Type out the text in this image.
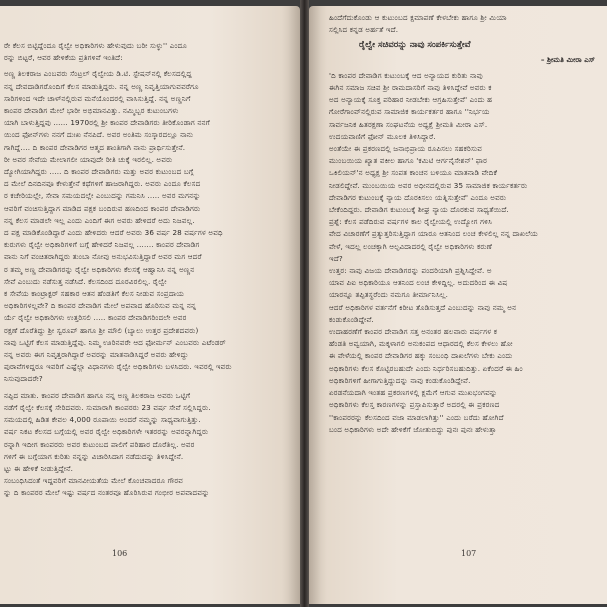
ರೇ ಕೆಲಸ ಬಿಟ್ಟಿದ್ದೆಂದೂ ರೈಲ್ವೇ ಅಧಿಕಾರಿಗಳು ಹೇಳುವುದು ಬರೀ ಸುಳ್ಳು'' ಎಂದೂ
ರನ್ನು ಬಿಟ್ಟರೆ, ಆವರ ಹೇಳಿಕೆಯ ಪ್ರತಿಗಳಿವೆ ಇಂತಿದೆ:
ಅಣ್ಣ ತಿಲಕರಾಜ ಎಂಬವರು ಸೆಂಟ್ರಲ್ ರೈಲ್ವೇಯ ಡಿ.ಟಿ. ಸ್ಟೇಷನ್‌ನಲ್ಲಿ ಕೆಲಸದಲ್ಲಿದ್ದ
ನನ್ನ ದೇವದಾಡಿಗರೊಂದಿಗೆ ಕೆಲಸ ಮಾಡುತ್ತಿದ್ದರು. ನನ್ನ ಅಣ್ಣ ನಿವೃತ್ತಿಯಾಗುವವರೆಗೂ
ಸಾರಿಗಳಿಂದ ಇದೇ ಚಾಳ್‌ನಲ್ಲಿರುವ ಮನೆಯೊಂದರಲ್ಲಿ ವಾಸಿಸುತ್ತಿದ್ದೆ. ನನ್ನ ಅಣ್ಣನಿಗೆ
ಕಾಂಪರ ದೇವಾಡಿಗ ಮೇಲೆ ಭಾರೀ ಅಭಿಮಾನವಿತ್ತು. ನಮ್ಮಿಬ್ಬರ ಕುಟುಂಬಗಳು
ಯಾಗಿ ಬಾಳುತ್ತಿದ್ದವು ...... 1970ರಲ್ಲಿ ಶ್ರೀ ಕಾಂಪರ ದೇವಾಡಿಗರು ತೀರಿಕೊಂಡಾಗ ನನಗೆ
ಯಿಂದ ಫೋನ್‌ಗಳು ನನಗೆ ದುಃಖ ನೆನಪಿದೆ. ಅವರ ಅಂತಿಮ ಸಂಸ್ಕಾರದಲ್ಲೂ ನಾನು
ಗಾಗಿದ್ದೆ.... ದಿ ಕಾಂಪರ ದೇವಾಡಿಗರ ಆತ್ಮದ ಶಾಂತಿಗಾಗಿ ನಾನು ಪ್ರಾರ್ಥಿಸುತ್ತೇನೆ.
ರೀ ಅವರ ಸೇವೆಯ ಮೇಲಾಗಲೀ ಯಾವುದೇ ರೀತಿ ಚುಕ್ಕೆ ಇರಲಿಲ್ಲ. ಅವರು
ದ್ಯೋಗಿಯಾಗಿದ್ದರು ..... ದಿ ಕಾಂಪರ ದೇವಾಡಿಗರು ಮತ್ತು ಅವರ ಕುಟುಂಬದ ಬಗ್ಗೆ
ದ ಮೇಲೆ ದಿನದಿನವೂ ಕೇಳುತ್ತೇನೆ ಕಥೆಗಳಿಗೆ ಹಾಜರಾಗಿದ್ದರು. ಅವರು ಎಂದೂ ಕೆಲಸದ
ರ ಕಚೇರಿಯಲ್ಲೇ, ಸೇವಾ ಸಮಯದಲ್ಲೇ ಎಂಬುದನ್ನು ಗಮನಿಸಿ ..... ಅವರ ಮಗನನ್ನು
ಆವರಿಗೆ ವಂಚಿಸುತ್ತಿದ್ದಾಗ ಮಾಡಿದ ಪಕ್ಷಕ ಬಂದಿರುವ ಹಣದಿಂದ ಕಾಂಪರ ದೇವಾಡಿಗರು
ನನ್ನ ಕೆಲಸ ಮಾಡಲೇ ಇಲ್ಲ ಎಂದು ಎಂದಿಗೆ ಈಗ ಅವರು ಹೇಳಿದರೆ ಅದು ನಿಜವಲ್ಲ.
ದ ಪಕ್ಷ ಮಾಡಿಕೊಂಡಿದ್ದಾರೆ ಎಂದು ಹೇಳಿದರು ಆದರೆ ಅವರು 36 ವರ್ಷ 28 ವರ್ಷಗಳ ಅವಧಿ
ಕುರುಗಳು ರೈಲ್ವೇ ಅಧಿಕಾರಿಗಳಿಗೆ ಬಗ್ಗೆ ಹೇಳಿದರೆ ನಿಜವಲ್ಲ ....... ಕಾಂಪರ ದೇವಾಡಿಗ
ವಾನು ನಿಗೆ ವಂಚಿತರಾಗಿದ್ದರು ತುಂಬಾ ನೋವು ಅನುಭವಿಸುತ್ತಿದ್ದಾರೆ ಅವರ ಮಗ ಆದರೆ
ರ ತಮ್ಮ ಅಣ್ಣ ದೇವಾಡಿಗರನ್ನು ರೈಲ್ವೇ ಅಧಿಕಾರಿಗಳು ಕೆಲಸಕ್ಕೆ ಆಹ್ವಾನಿಸಿ ನನ್ನ ಅಣ್ಣನ
ಸೇವೆ ಎಂಬುದು ನಡೆಸುತ್ತ ನಡೆಸಿದೆ. ಕೆಲಸದಿಂದ ದೂರವಿರಲಿಲ್ಲ. ರೈಲ್ವೇ
ಕ ಸೇವೆಯ ಕಾಂಟ್ರಾಕ್ಟರ್ ಸಹಕಾರ ಆತನ ಹೆಂಡತಿಗೆ ಕೆಲಸ ನೀಡುವ ಸಂಪ್ರದಾಯ
ಅಧಿಕಾರಿಗಳಲ್ಲವೇ? ದಿ ಕಾಂಪರ ದೇವಾಡಿಗ ಮೇಲೆ ಅಪವಾದ ಹೊರಿಸುವ ಮನ್ನ ನನ್ನ
ರ್ಯೆ ರೈಲ್ವೇ ಅಧಿಕಾರಿಗಳು ಉತ್ತರಿಸಲಿ ..... ಕಾಂಪರ ದೇವಾಡಿಗರಿಂದಲೇ ಅವರ
ರಕ್ಷಣೆ ದೊರೆತಿದ್ದು ಶ್ರೀ ಸ್ವರೂಪ್ ಹಾಗೂ ಶ್ರೀ ಮೌಲಿ (ಬ್ಯಾಲು ಉತ್ತರ ಪ್ರದೇಶದವರು)
ನಾವು ಒಟ್ಟಿಗೆ ಕೆಲಸ ಮಾಡುತ್ತಿದ್ದೆವು. ನಿಮ್ಮ ಊರಿನವರೇ ಆದ ಫೋರ್ಮನ್ ಎಂಬವರು ಎಟೆಂಡರ್
ನನ್ನ ಅವರು ಈಗ ನಿವೃತ್ತರಾಗಿದ್ದಾರೆ ಅವರನ್ನು ಮಾತನಾಡಿಸಿದ್ದರೆ ಅವರು ಹೇಳಿದ್ದು
ಪುರಾವೆಗಳಿದ್ದರೂ ಇವರಿಗೆ ಎಷ್ಟೆಲ್ಲಾ ವಿಧಾನಗಳು ರೈಲ್ವೇ ಅಧಿಕಾರಿಗಳು ಬಳಸಿದರು. ಇವರಲ್ಲಿ ಇವರು
ನಿಸುವುದಾದರೇ?
ನಪ್ಪಿದ ಮಾತು. ಕಾಂಪರ ದೇವಾಡಿಗ ಹಾಗೂ ನನ್ನ ಅಣ್ಣ ತಿಲಕರಾಜ ಅವರು ಒಟ್ಟಿಗೆ
ನಡೆಗೆ ರೈಲ್ವೇ ಕೆಲಸಕ್ಕೆ ಸೇರಿದವರು. ಸುಮಾರಾಗಿ ಕಾಂಪರರು 23 ವರ್ಷ ಸೇವೆ ಸಲ್ಲಿಸಿದ್ದರು.
ಸಮಯದಲ್ಲಿ ಹಿಡಿತ ಕೇವಲ 4,000 ರೂಪಾಯಿ ಅಂದರೆ ನಮ್ಮನ್ನು ಸಾಧ್ಯವಾಗುತ್ತಿತ್ತು.
ವರ್ಷ ನಿಕಟ ಕೆಲಸದ ಬಗ್ಗೆಯಲ್ಲಿ ಅವರ ರೈಲ್ವೇ ಅಧಿಕಾರಿಗಳೇ ಇತರರನ್ನು ಅವರನ್ನಾಗಿದ್ದರು
ರನ್ನಾಗಿ ಇದೀಗ ಕಾಂಪರರು ಅವರ ಕುಟುಂಬದ ಪಾಲಿಗೆ ಪರಿಹಾರ ದೊರೆತಿಲ್ಲ. ಅವರ
ಗಳಿಗೆ ಈ ಬಗ್ಗೆಯಾಗ ಕುರಿತು ನನ್ನನ್ನು ವಿಚಾರಿಸಿದಾಗ ನಡೆದುದನ್ನು ತಿಳಿಸಿದ್ದೇನೆ.
ಟ್ಟು ಈ ಹೇಳಿಕೆ ನೀಡುತ್ತಿದ್ದೇನೆ.
ಸಂಬಂಧಿಸಿದಂತೆ ಇದ್ದವರಿಗೆ ಮಾನವೀಯತೆಯ ಮೇಲೆ ಕೊಂಚವಾದರೂ ಗೌರವ
ನ್ನು ದಿ ಕಾಂಪರರ ಮೇಲೆ ಇಷ್ಟು ವರ್ಷದ ನಂತರವೂ ಹೊರಿಸಿರುವ ಗಂಭೀರ ಅಪವಾದವನ್ನು
106
ಹಿಂದೆಗೆದುಕೊಂಡು ಆ ಕುಟುಂಬದ ಕ್ಷಮಾಪಣೆ ಕೇಳಬೇಕು ಹಾಗೂ ಶ್ರೀ ಮಿಯಾ
ಸಲ್ಲಿಸಿದ ಕನ್ನಡ ಅರ್ಹತೆ ಇದೆ.
ರೈಲ್ವೇ ಸಚಿವರನ್ನು ನಾವು ಸಂಪರ್ಕಿಸುತ್ತೇವೆ
– ಶ್ರೀಮತಿ ಮೀರಾ ಎಸ್
'ದಿ ಕಾಂಪರ ದೇವಾಡಿಗ ಕುಟುಂಬಕ್ಕೆ ಆದ ಅನ್ಯಾಯದ ಕುರಿತು ನಾವು
ಈಗಿನ ಸಮಾಜ ಸಚಿವ ಶ್ರೀ ರಾಮದಾಸರಿಗೆ ನಾವು ತಿಳಿಸಿದ್ದೇವೆ ಅವರು ಕ
ಅದ ಅನ್ಯಾಯಕ್ಕೆ ಸೂಕ್ತ ಪರಿಹಾರ ನೀಡಬೇಕು ಆಗ್ರಹಿಸುತ್ತೇವೆ' ಎಂದು ಹ
ಗೋರೆಗಾಂವ್‌ನಲ್ಲಿರುವ ಸಾಮಾಜಿಕ ಕಾರ್ಯಕರ್ತರ ಹಾಗೂ ''ನಿರ್ಭಯ
ಸಾರ್ವಜನಿಕ ಹಿತರಕ್ಷಣಾ ಸಂಘಟನೆಯ ಅಧ್ಯಕ್ಷೆ ಶ್ರೀಮತಿ ಮೀರಾ ಎಸ್.
ಉದಯವಾಣಿಗೆ ಫೋನ್ ಮೂಲಕ ತಿಳಿಸಿದ್ದಾರೆ.
ಅಂತೆಯೇ ಈ ಪ್ರಕರಣದಲ್ಲಿ ಜನಾಭಿಪ್ರಾಯ ರೂಪಿಸಲು ಸಹಕರಿಸುವ
ಮುಂಬಯಿಯ ಖ್ಯಾತ ವಕೀಲ ಹಾಗೂ 'ಕಮಿಟಿ ಆರ್ಗನೈಸೇಶನ್' ಫಾರ
ಒಕಿಲಿಯನ್'ನ ಅಧ್ಯಕ್ಷ ಶ್ರೀ ಸಂಪತ ಕಾಂಚನ ಬಳಿಯೂ ಮಾತನಾಡಿ ವೇದಿಕೆ
ನೀಡಲಿದ್ದೇವೆ. ಮುಂಬಯಿಯ ಅವರ ಅಧೀನದಲ್ಲಿರುವ 35 ಸಾಮಾಜಿಕ ಕಾರ್ಯಕರ್ತರು
ದೇವಾಡಿಗರ ಕುಟುಂಬಕ್ಕೆ ನ್ಯಾಯ ದೊರಕಿಸಲು ಯತ್ನಿಸುತ್ತೇವೆ' ಎಂದೂ ಅವರು
ಬೇಕೆಂದಿದ್ದರು. ದೇವಾಡಿಗ ಕುಟುಂಬಕ್ಕೆ ಶೀಘ್ರ ನ್ಯಾಯ ದೊರಕುವ ಸಾಧ್ಯತೆಯಿದೆ.
ಪ್ರಶ್ನೆ: ಕೆಲಸ ಪಡೆದಿರುವ ವರ್ಷಗಳ ಕಾಲ ರೈಲ್ವೇಯಲ್ಲಿ ಉದ್ಯೋಗ ಗಳಿಸಿ
ವೇದ ವಿಚಾರಣೆಗೆ ಪ್ರತ್ಯುತ್ತರಿಸುತ್ತಿದ್ದಾಗ ಯಾರೂ ಆತನಿಂದ ಲಂಚ ಕೇಳಲಿಲ್ಲ ನನ್ನ ದಾಖಲೆಯ
ವೇಳೆ, ಇದಲ್ಲ ಲಂಚಕ್ಕಾಗಿ ಆಲ್ಪವಿದಾದರಲ್ಲಿ ರೈಲ್ವೇ ಅಧಿಕಾರಿಗಳು ಕರುಣೆ
ಇದೆ?
ಉತ್ತರ: ನಾವು ವಿಜಯ ದೇವಾಡಿಗರನ್ನು ಪಂದರಿಯಾಗಿ ಪ್ರಶ್ನಿಸಿದ್ದೇವೆ. ಅ
ಯಾವ ಪಿಐ ಅಧಿಕಾರಿಯೂ ಆತನಿಂದ ಲಂಚ ಕೇಳಿದ್ದಿಲ್ಲ. ಅದುದರಿಂದ ಈ ವಿಷ
ಯಾರನ್ನೂ ತಪ್ಪಿತಸ್ಥರೆಂದು ನಮಗೂ ತೀರ್ಮಾನಿಸಿಲ್ಲ.
ಆದರೆ ಅಧಿಕಾರಿಗಳ ವರ್ತನೆಗೆ ಕಿರೀಟ ತೊಡಿಸುತ್ತದೆ ಎಂಬುದನ್ನು ನಾವು ನಮ್ಮ ಅನ
ಕಂಡುಕೊಂಡಿದ್ದೇವೆ.
ಉದಾಹರಣೆಗೆ ಕಾಂಪರ ದೇವಾಡಿಗ ಸತ್ತ ಅನಂತರ ಹಲವಾರು ವರ್ಷಗಳ ಕ
ಹೆಂಡತಿ ಅವ್ವಯಾಗಿ, ಮಕ್ಕಳಾಗಲಿ ಅನುಕಂಪದ ಆಧಾರದಲ್ಲಿ ಕೆಲಸ ಕೇಳಲು ಹೋ
ಈ ವೇಳೆಯಲ್ಲಿ ಕಾಂಪರ ದೇವಾಡಿಗರ ಹಕ್ಕು ಸಂಬಂಧಿ ದಾಖಲೆಗಳು ಬೇಕು ಎಂದು
ಅಧಿಕಾರಿಗಳು ಕೆಲಸ ಕೊಟ್ಟಿರಬಹುದೇ ಎಂದು ನಿರ್ಧರಿಸಬಹುದಿತ್ತು. ಏಕೆಂದರೆ ಈ ಹಿಂ
ಅಧಿಕಾರಿಗಳಿಗೆ ಹೀಗಾಗುತ್ತಿದ್ದುದನ್ನು ನಾವು ಕಂಡುಕೊಂಡಿದ್ದೇವೆ.
ಏರಡನೆಯದಾಗಿ ಇಂತಹ ಪ್ರಕರಣಗಳಲ್ಲಿ ಕ್ಷಮೆಗೆ ಆಗುವ ಮುಖಭಂಗವನ್ನು
ಅಧಿಕಾರಿಗಳು ಕೆಲಸ್ತ ಕಾರಣಗಳನ್ನು ಪ್ರಸ್ತಾಪಿಸುತ್ತಾರೆ ಅದರಲ್ಲಿ ಈ ಪ್ರಕರಣದ
''ಕಾಂಪರರನ್ನು ಕೆಲಸದಿಂದ ವಜಾ ಮಾಡಲಾಗಿತ್ತು'' ಎಂದು ಬರೆದು ಹೋಗಿದೆ
ಬಂದ ಅಧಿಕಾರಿಗಳು ಅದೇ ಹೇಳಿಕೆಗೆ ಜೋತುಬಿದ್ದು ಪುನಃ ಪುನಃ ಹೇಳುತ್ತಾ
107
